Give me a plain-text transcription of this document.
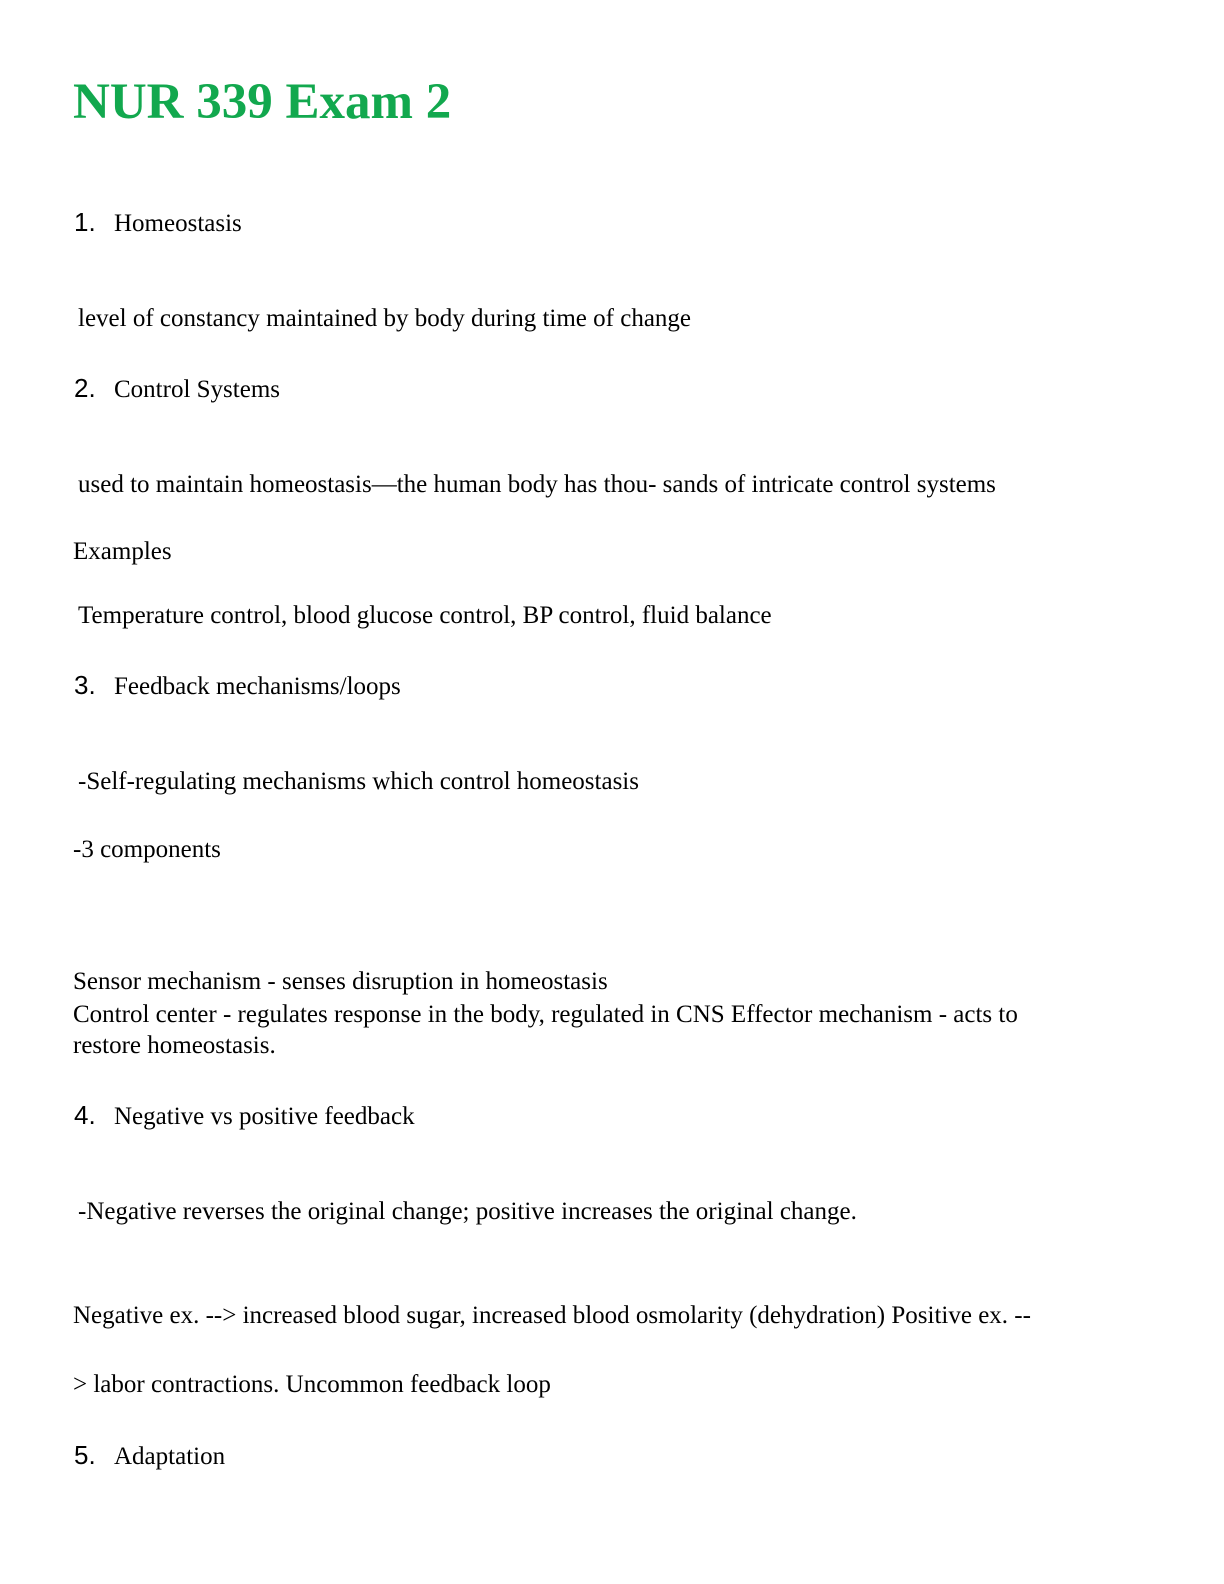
NUR 339 Exam 2
1. Homeostasis

level of constancy maintained by body during time of change

2. Control Systems

used to maintain homeostasis—the human body has thou- sands of intricate control systems

Examples

Temperature control, blood glucose control, BP control, fluid balance

3. Feedback mechanisms/loops

-Self-regulating mechanisms which control homeostasis

-3 components

Sensor mechanism - senses disruption in homeostasis

Control center - regulates response in the body, regulated in CNS Effector mechanism - acts to

restore homeostasis.

4. Negative vs positive feedback

-Negative reverses the original change; positive increases the original change.

Negative ex. --> increased blood sugar, increased blood osmolarity (dehydration) Positive ex. --

> labor contractions. Uncommon feedback loop

5. Adaptation
